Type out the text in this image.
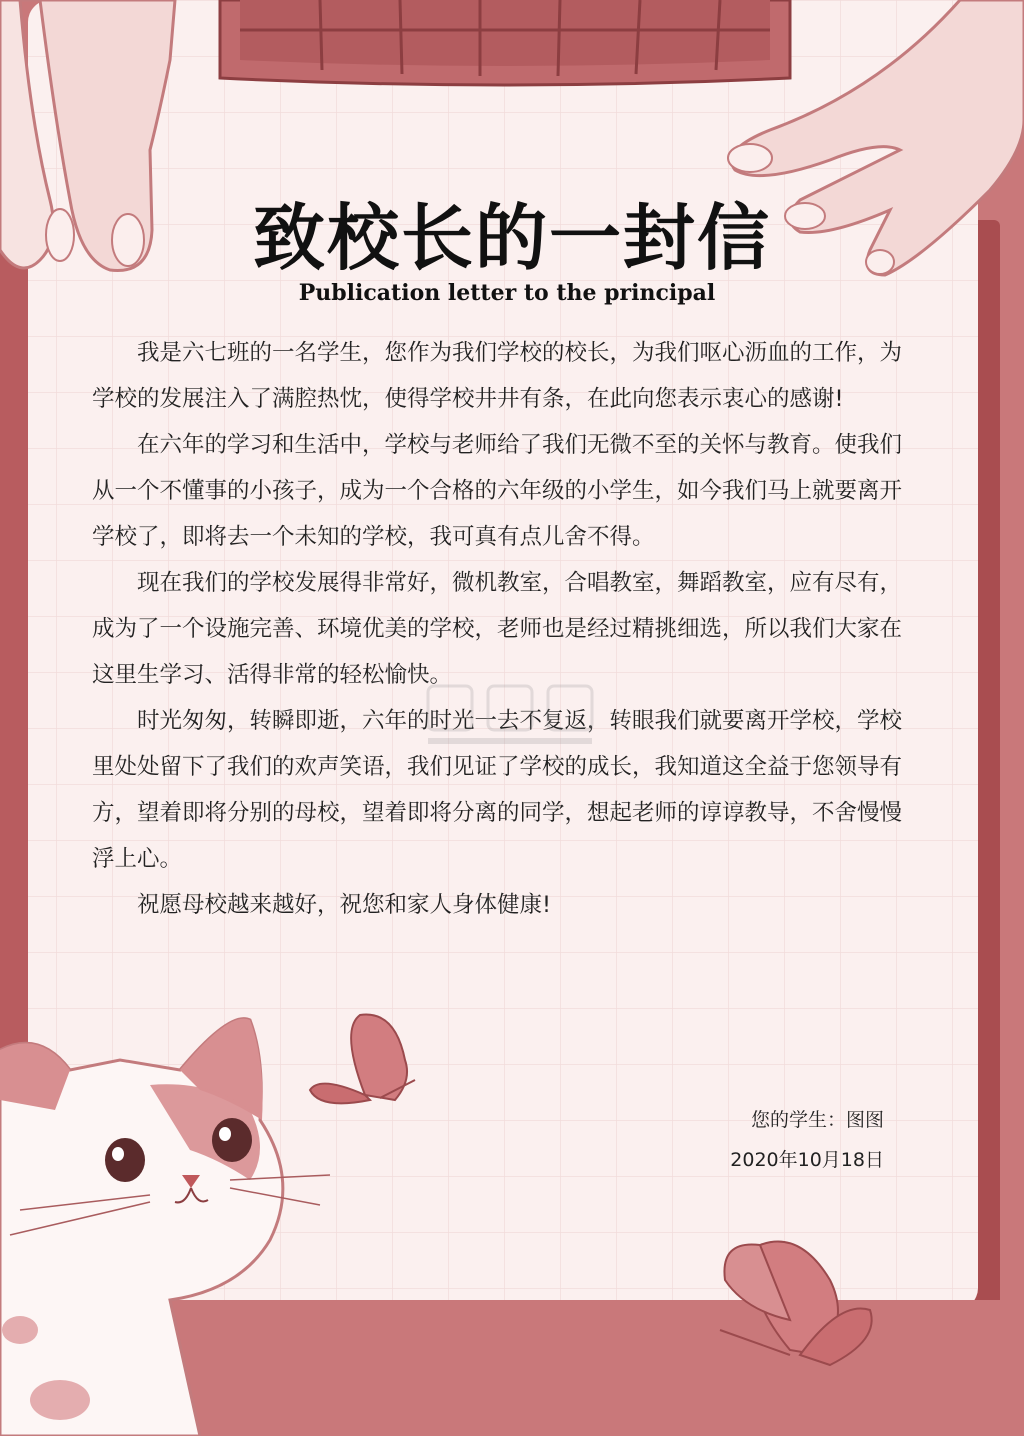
致校长的一封信
Publication letter to the principal

我是六七班的一名学生，您作为我们学校的校长，为我们呕心沥血的工作，为学校的发展注入了满腔热忱，使得学校井井有条，在此向您表示衷心的感谢!

在六年的学习和生活中，学校与老师给了我们无微不至的关怀与教育。使我们从一个不懂事的小孩子，成为一个合格的六年级的小学生，如今我们马上就要离开学校了，即将去一个未知的学校，我可真有点儿舍不得。

现在我们的学校发展得非常好，微机教室，合唱教室，舞蹈教室，应有尽有，成为了一个设施完善、环境优美的学校，老师也是经过精挑细选，所以我们大家在这里生学习、活得非常的轻松愉快。

时光匆匆，转瞬即逝，六年的时光一去不复返，转眼我们就要离开学校，学校里处处留下了我们的欢声笑语，我们见证了学校的成长，我知道这全益于您领导有方，望着即将分别的母校，望着即将分离的同学，想起老师的谆谆教导，不舍慢慢浮上心。

祝愿母校越来越好，祝您和家人身体健康!

您的学生：图图
2020年10月18日
